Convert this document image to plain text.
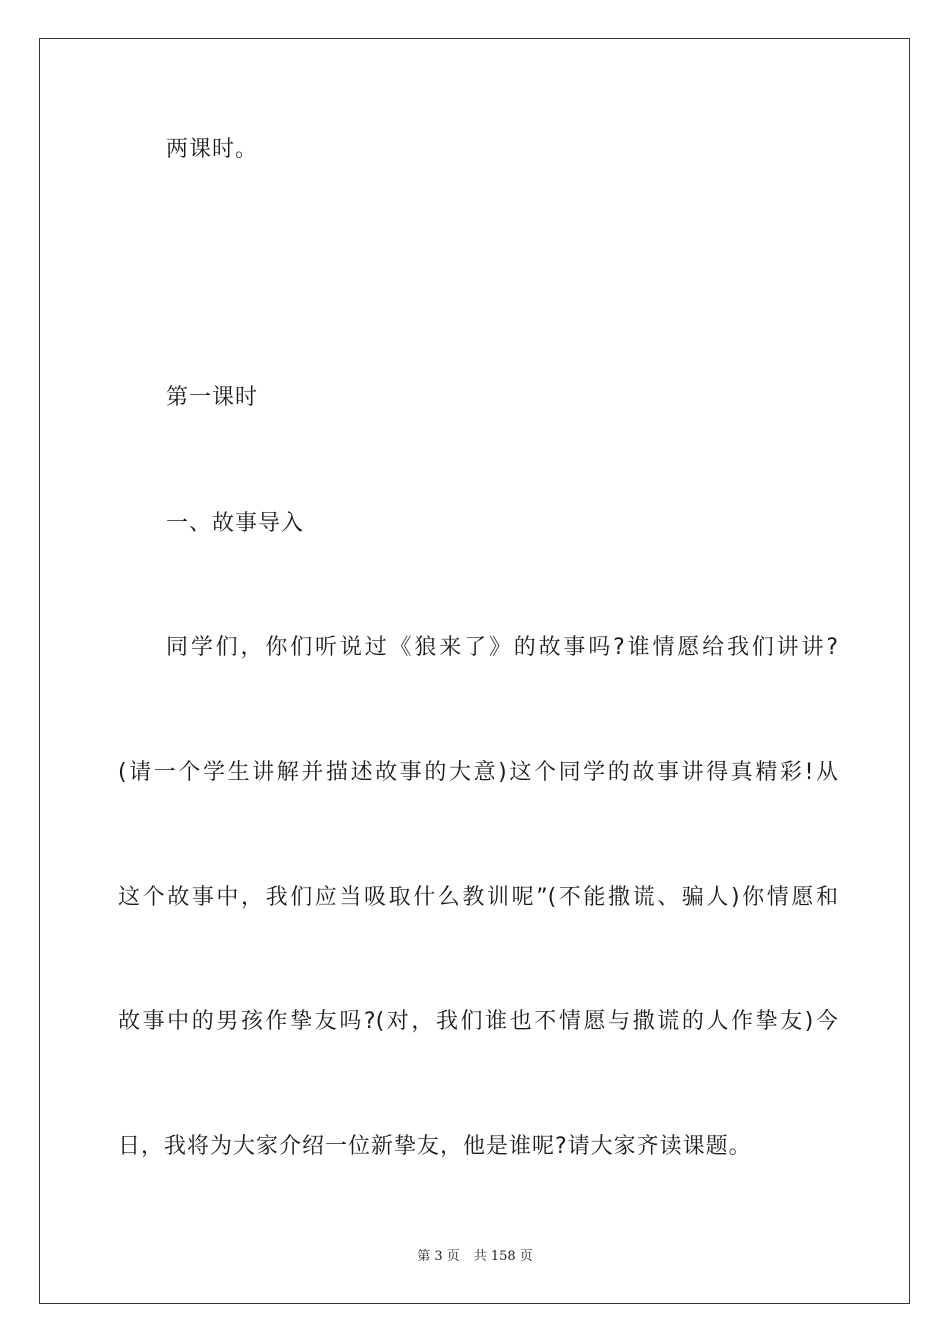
两课时。
第一课时
一、故事导入
同学们，你们听说过《狼来了》的故事吗?谁情愿给我们讲讲?
(请一个学生讲解并描述故事的大意)这个同学的故事讲得真精彩!从
这个故事中，我们应当吸取什么教训呢”(不能撒谎、骗人)你情愿和
故事中的男孩作挚友吗?(对，我们谁也不情愿与撒谎的人作挚友)今
日，我将为大家介绍一位新挚友，他是谁呢?请大家齐读课题。
第 3 页 共 158 页
